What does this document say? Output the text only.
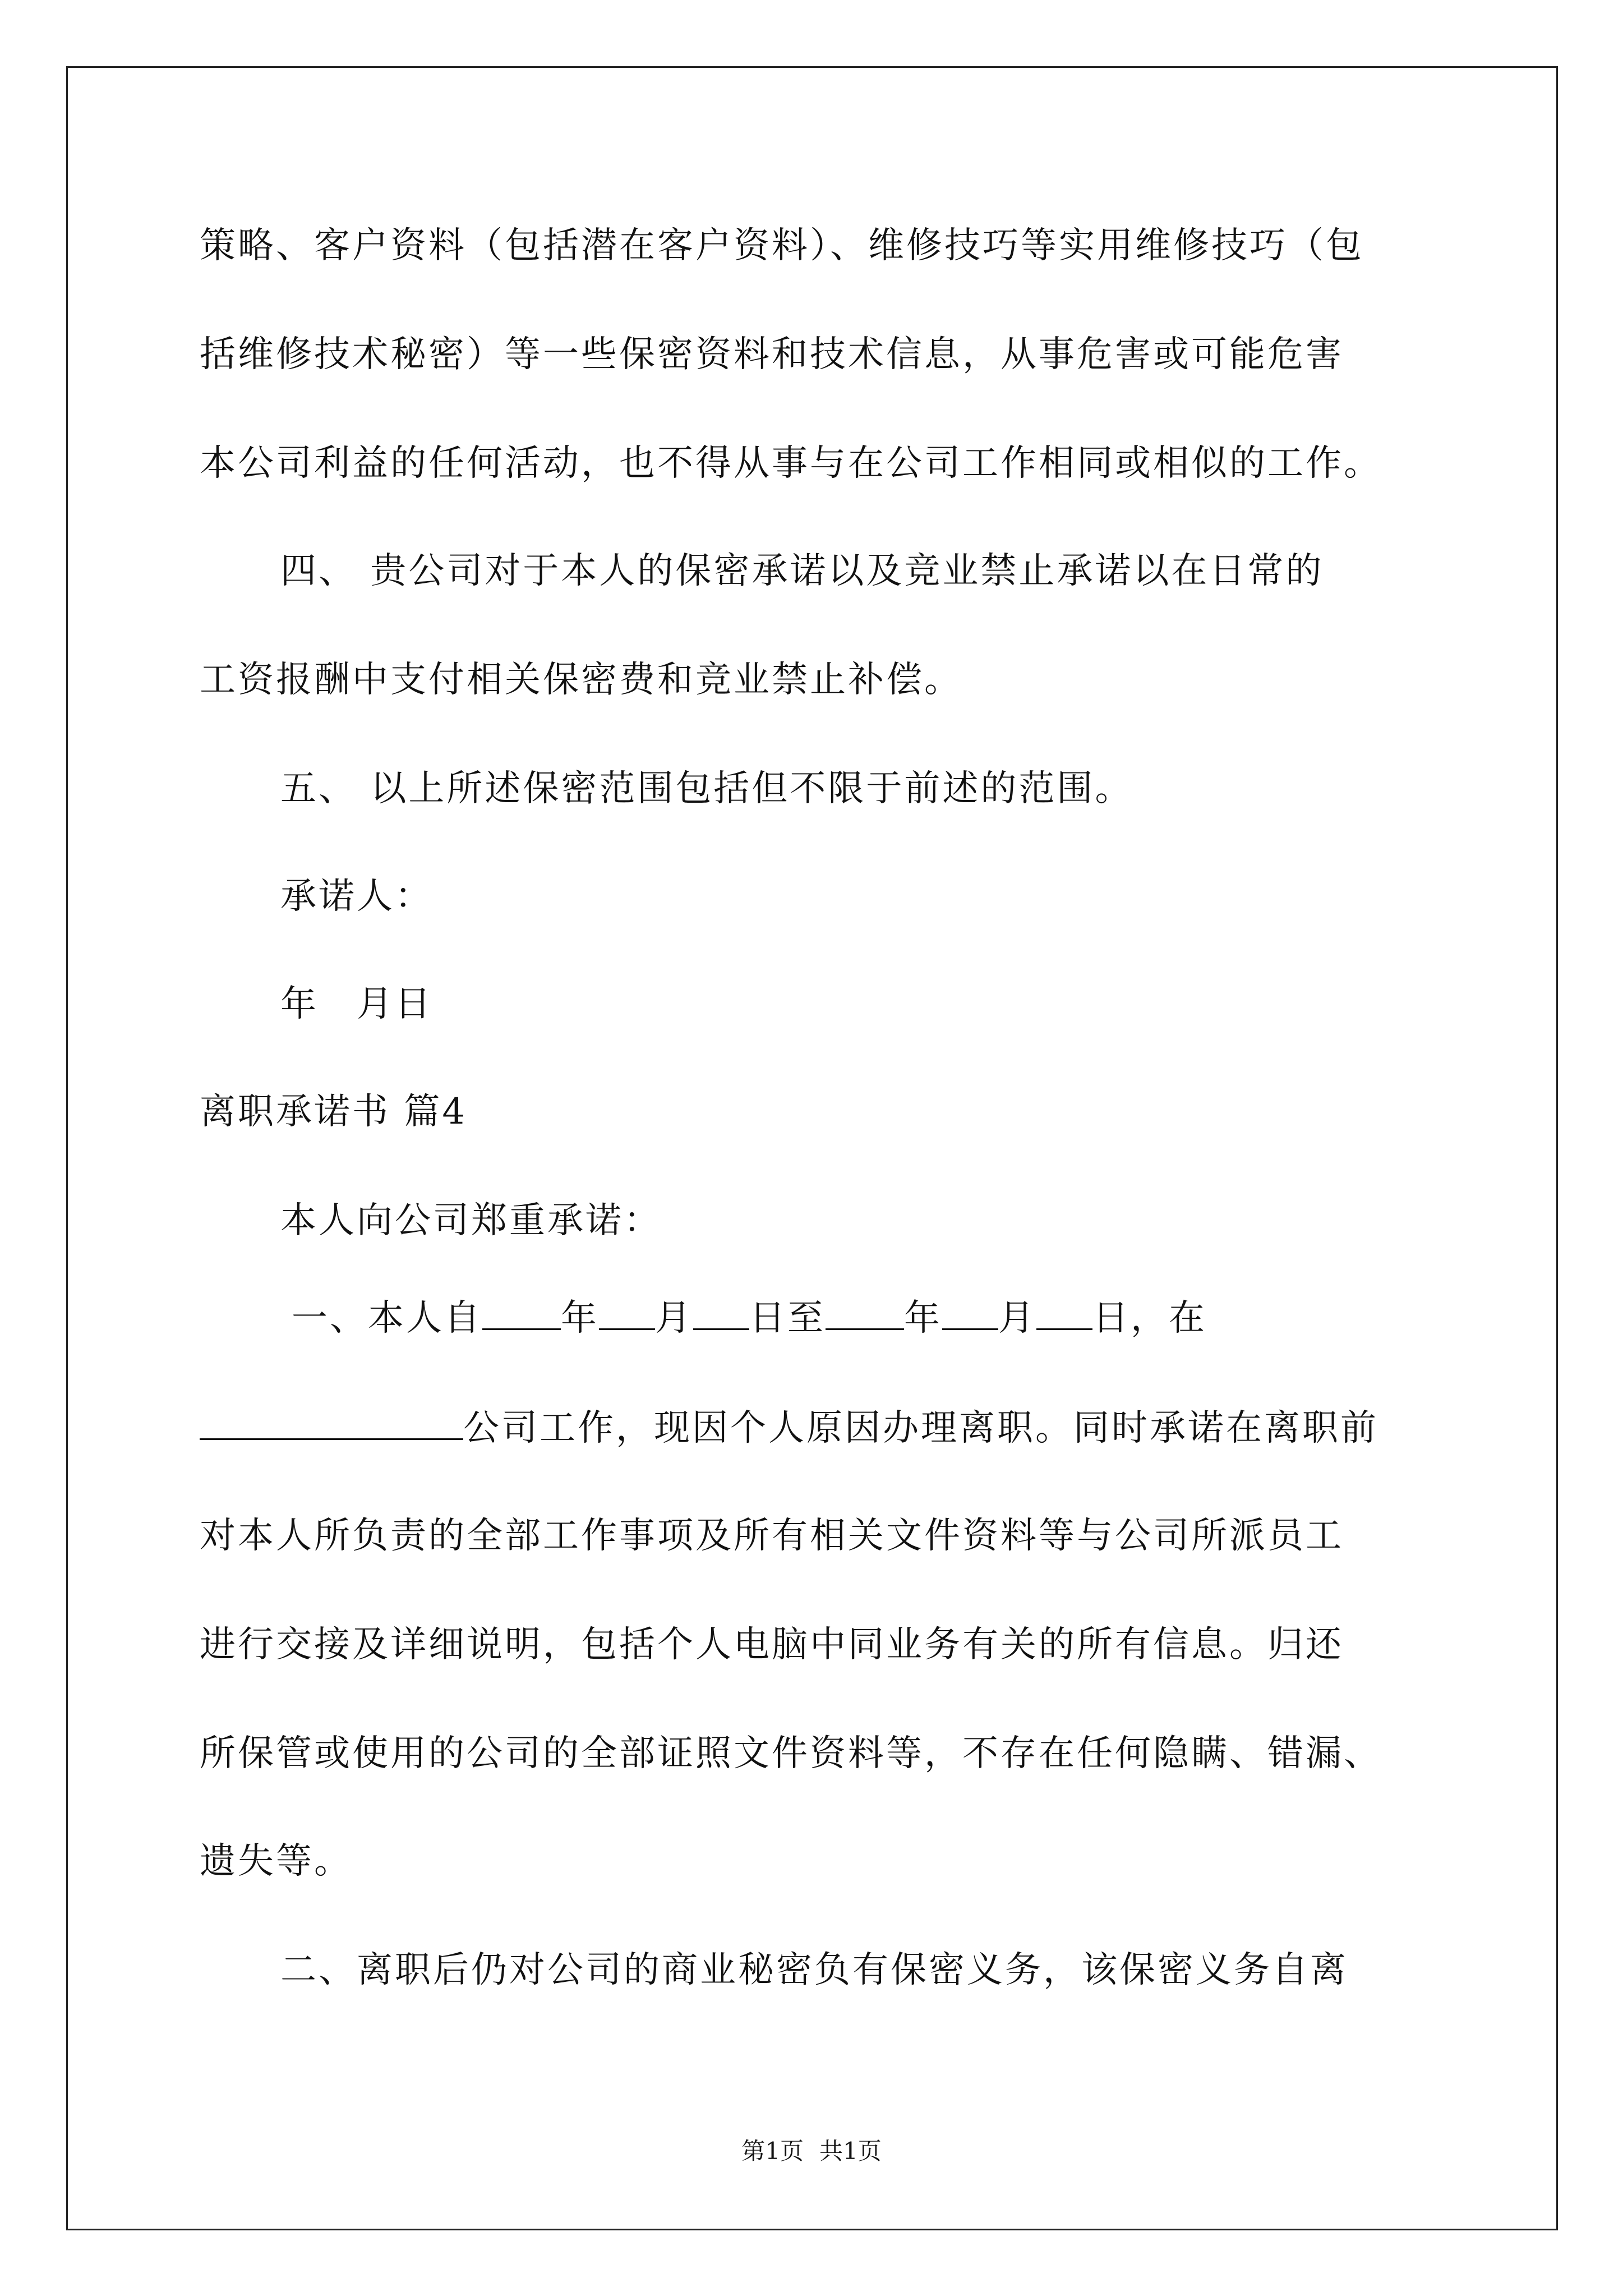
策略、客户资料（包括潜在客户资料）、维修技巧等实用维修技巧（包
括维修技术秘密）等一些保密资料和技术信息，从事危害或可能危害
本公司利益的任何活动，也不得从事与在公司工作相同或相似的工作。
四、 贵公司对于本人的保密承诺以及竞业禁止承诺以在日常的
工资报酬中支付相关保密费和竞业禁止补偿。
五、 以上所述保密范围包括但不限于前述的范围。
承诺人：
年　月日
离职承诺书 篇4
本人向公司郑重承诺：
一、本人自 年 月 日至 年 月 日，在
公司工作，现因个人原因办理离职。同时承诺在离职前
对本人所负责的全部工作事项及所有相关文件资料等与公司所派员工
进行交接及详细说明，包括个人电脑中同业务有关的所有信息。归还
所保管或使用的公司的全部证照文件资料等，不存在任何隐瞒、错漏、
遗失等。
二、离职后仍对公司的商业秘密负有保密义务，该保密义务自离
第1页 共1页
